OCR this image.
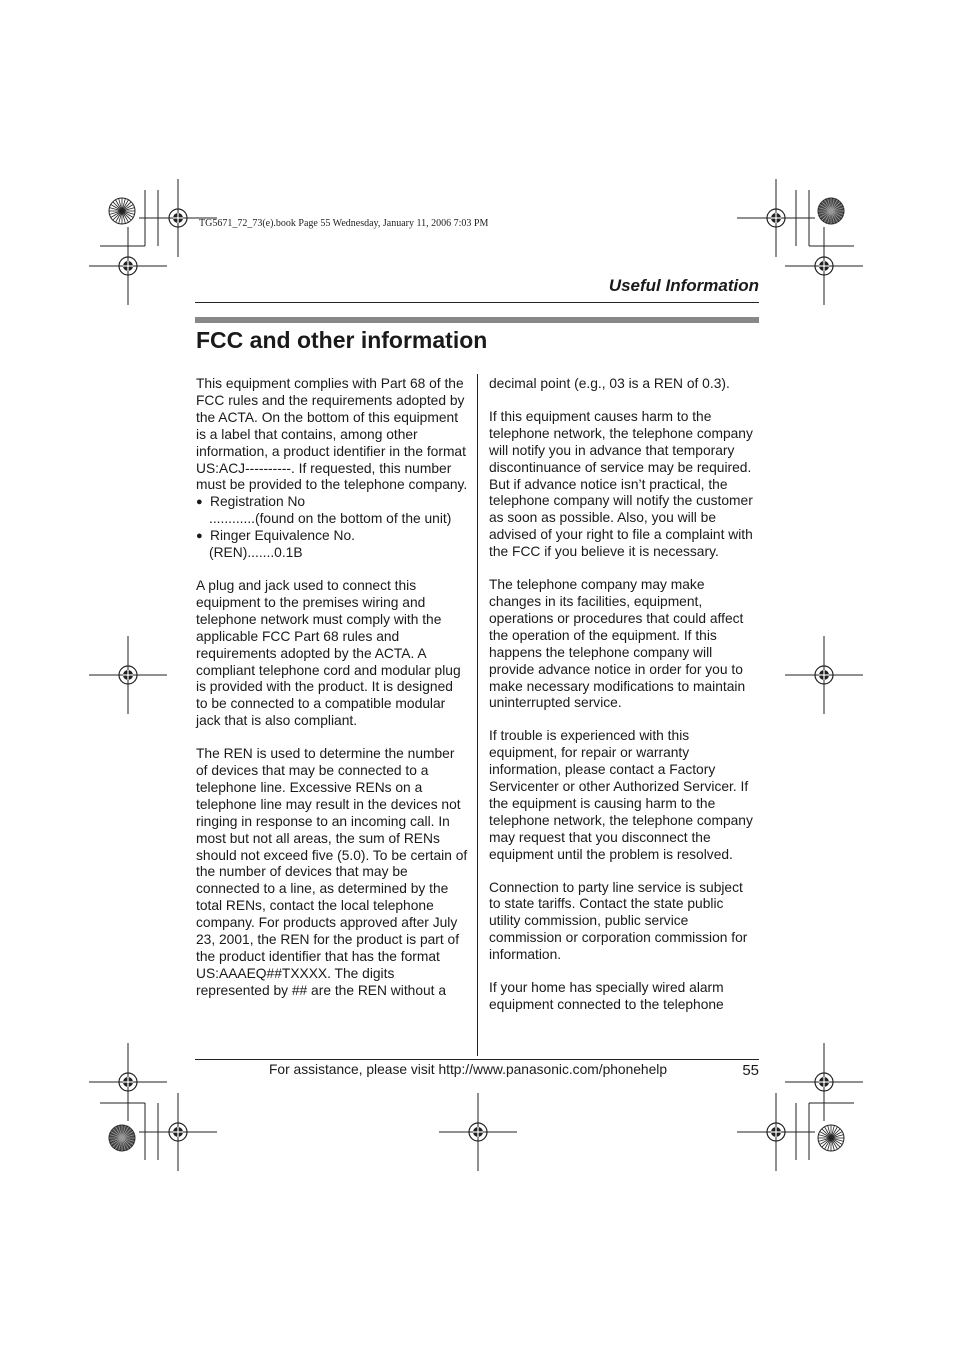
TG5671_72_73(e).book Page 55 Wednesday, January 11, 2006 7:03 PM
Useful Information
FCC and other information

This equipment complies with Part 68 of the FCC rules and the requirements adopted by the ACTA. On the bottom of this equipment is a label that contains, among other information, a product identifier in the format US:ACJ----------. If requested, this number must be provided to the telephone company.

● Registration No
............(found on the bottom of the unit)
● Ringer Equivalence No.
(REN).......0.1B

A plug and jack used to connect this equipment to the premises wiring and telephone network must comply with the applicable FCC Part 68 rules and requirements adopted by the ACTA. A compliant telephone cord and modular plug is provided with the product. It is designed to be connected to a compatible modular jack that is also compliant.

The REN is used to determine the number of devices that may be connected to a telephone line. Excessive RENs on a telephone line may result in the devices not ringing in response to an incoming call. In most but not all areas, the sum of RENs should not exceed five (5.0). To be certain of the number of devices that may be connected to a line, as determined by the total RENs, contact the local telephone company. For products approved after July 23, 2001, the REN for the product is part of the product identifier that has the format US:AAAEQ##TXXXX. The digits represented by ## are the REN without a

decimal point (e.g., 03 is a REN of 0.3).

If this equipment causes harm to the telephone network, the telephone company will notify you in advance that temporary discontinuance of service may be required. But if advance notice isn’t practical, the telephone company will notify the customer as soon as possible. Also, you will be advised of your right to file a complaint with the FCC if you believe it is necessary.

The telephone company may make changes in its facilities, equipment, operations or procedures that could affect the operation of the equipment. If this happens the telephone company will provide advance notice in order for you to make necessary modifications to maintain uninterrupted service.

If trouble is experienced with this equipment, for repair or warranty information, please contact a Factory Servicenter or other Authorized Servicer. If the equipment is causing harm to the telephone network, the telephone company may request that you disconnect the equipment until the problem is resolved.

Connection to party line service is subject to state tariffs. Contact the state public utility commission, public service commission or corporation commission for information.

If your home has specially wired alarm equipment connected to the telephone

For assistance, please visit http://www.panasonic.com/phonehelp	55
